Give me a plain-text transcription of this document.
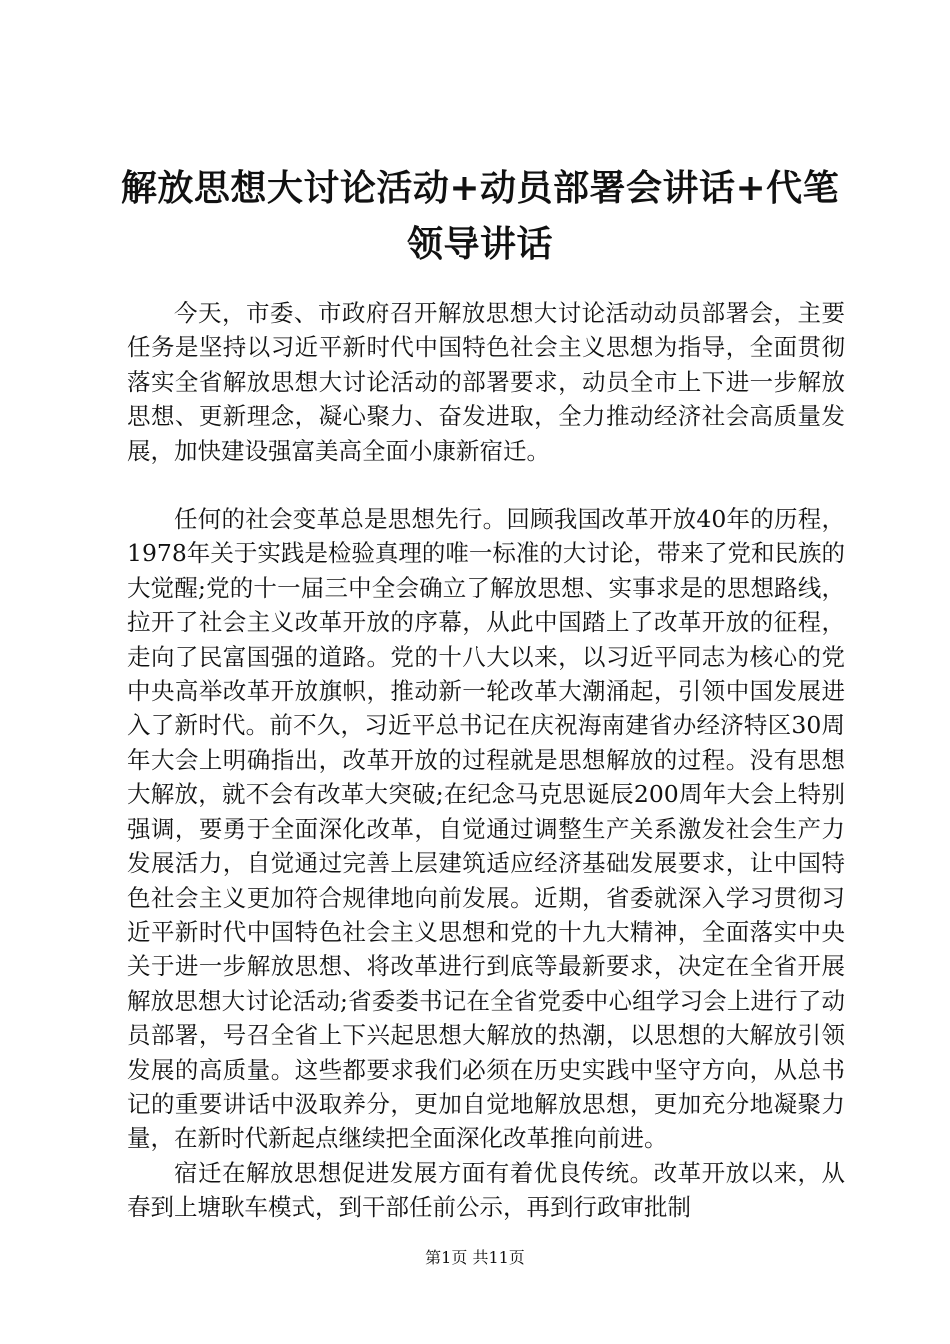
解放思想大讨论活动+动员部署会讲话+代笔领导讲话

今天，市委、市政府召开解放思想大讨论活动动员部署会，主要任务是坚持以习近平新时代中国特色社会主义思想为指导，全面贯彻落实全省解放思想大讨论活动的部署要求，动员全市上下进一步解放思想、更新理念，凝心聚力、奋发进取，全力推动经济社会高质量发展，加快建设强富美高全面小康新宿迁。

任何的社会变革总是思想先行。回顾我国改革开放40年的历程，1978年关于实践是检验真理的唯一标准的大讨论，带来了党和民族的大觉醒;党的十一届三中全会确立了解放思想、实事求是的思想路线，拉开了社会主义改革开放的序幕，从此中国踏上了改革开放的征程，走向了民富国强的道路。党的十八大以来，以习近平同志为核心的党中央高举改革开放旗帜，推动新一轮改革大潮涌起，引领中国发展进入了新时代。前不久，习近平总书记在庆祝海南建省办经济特区30周年大会上明确指出，改革开放的过程就是思想解放的过程。没有思想大解放，就不会有改革大突破;在纪念马克思诞辰200周年大会上特别强调，要勇于全面深化改革，自觉通过调整生产关系激发社会生产力发展活力，自觉通过完善上层建筑适应经济基础发展要求，让中国特色社会主义更加符合规律地向前发展。近期，省委就深入学习贯彻习近平新时代中国特色社会主义思想和党的十九大精神，全面落实中央关于进一步解放思想、将改革进行到底等最新要求，决定在全省开展解放思想大讨论活动;省委娄书记在全省党委中心组学习会上进行了动员部署，号召全省上下兴起思想大解放的热潮，以思想的大解放引领发展的高质量。这些都要求我们必须在历史实践中坚守方向，从总书记的重要讲话中汲取养分，更加自觉地解放思想，更加充分地凝聚力量，在新时代新起点继续把全面深化改革推向前进。

宿迁在解放思想促进发展方面有着优良传统。改革开放以来，从春到上塘耿车模式，到干部任前公示，再到行政审批制

第1页 共11页
